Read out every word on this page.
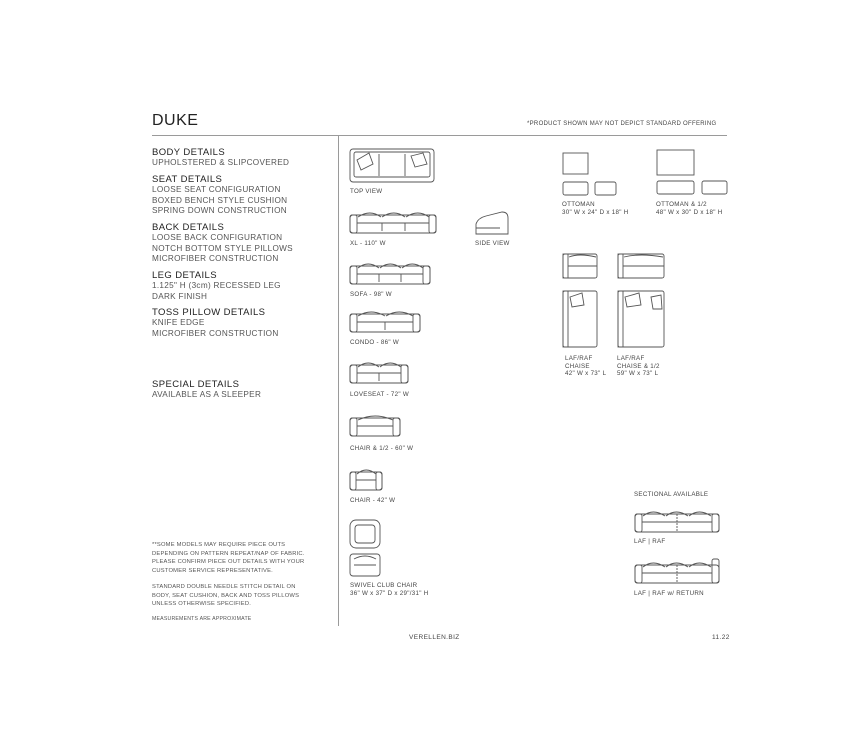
DUKE	*PRODUCT SHOWN MAY NOT DEPICT STANDARD OFFERING
BODY DETAILS
UPHOLSTERED & SLIPCOVERED
SEAT DETAILS
LOOSE SEAT CONFIGURATION
BOXED BENCH STYLE CUSHION
SPRING DOWN CONSTRUCTION
BACK DETAILS
LOOSE BACK CONFIGURATION
NOTCH BOTTOM STYLE PILLOWS
MICROFIBER CONSTRUCTION
LEG DETAILS
1.125" H (3cm) RECESSED LEG
DARK FINISH
TOSS PILLOW DETAILS
KNIFE EDGE
MICROFIBER CONSTRUCTION
SPECIAL DETAILS
AVAILABLE AS A SLEEPER
**SOME MODELS MAY REQUIRE PIECE OUTS
DEPENDING ON PATTERN REPEAT/NAP OF FABRIC.
PLEASE CONFIRM PIECE OUT DETAILS WITH YOUR
CUSTOMER SERVICE REPRESENTATIVE.
STANDARD DOUBLE NEEDLE STITCH DETAIL ON
BODY, SEAT CUSHION, BACK AND TOSS PILLOWS
UNLESS OTHERWISE SPECIFIED.
MEASUREMENTS ARE APPROXIMATE
TOP VIEW
XL - 110" W	SIDE VIEW
SOFA - 98" W
CONDO - 86" W
LOVESEAT - 72" W
CHAIR & 1/2 - 60" W
CHAIR - 42" W
SWIVEL CLUB CHAIR
36" W x 37" D x 29"/31" H
OTTOMAN
30" W x 24" D x 18" H
OTTOMAN & 1/2
48" W x 30" D x 18" H
LAF/RAF
CHAISE
42" W x 73" L
LAF/RAF
CHAISE & 1/2
59" W x 73" L
SECTIONAL AVAILABLE
LAF | RAF
LAF | RAF w/ RETURN
VERELLEN.BIZ	11.22
